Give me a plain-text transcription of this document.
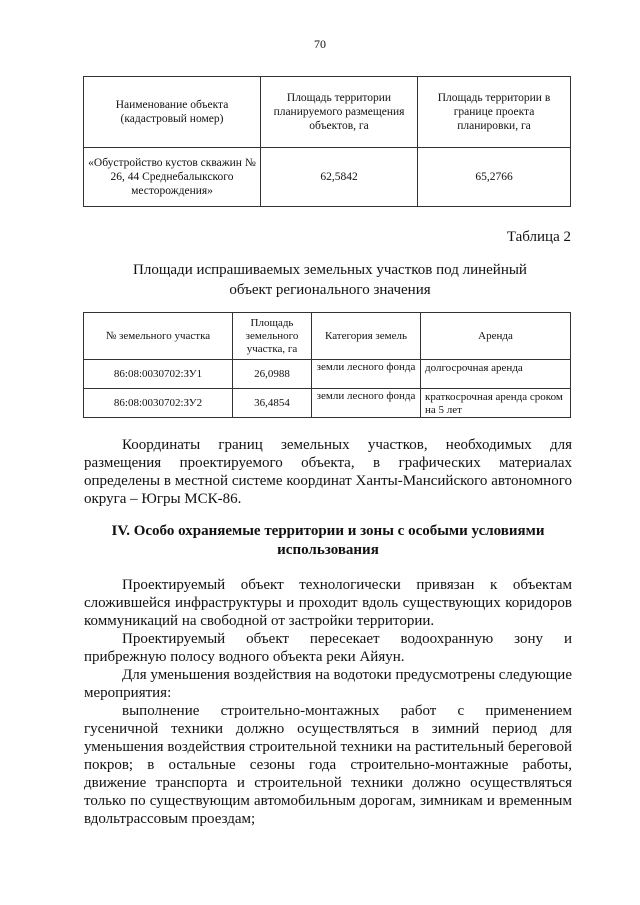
70
Наименование объекта (кадастровый номер)	Площадь территории планируемого размещения объектов, га	Площадь территории в границе проекта планировки, га
«Обустройство кустов скважин № 26, 44 Среднебалыкского месторождения»	62,5842	65,2766
Таблица 2
Площади испрашиваемых земельных участков под линейный объект регионального значения
№ земельного участка	Площадь земельного участка, га	Категория земель	Аренда
86:08:0030702:ЗУ1	26,0988	земли лесного фонда	долгосрочная аренда
86:08:0030702:ЗУ2	36,4854	земли лесного фонда	краткосрочная аренда сроком на 5 лет

Координаты границ земельных участков, необходимых для размещения проектируемого объекта, в графических материалах определены в местной системе координат Ханты-Мансийского автономного округа – Югры МСК-86.

IV. Особо охраняемые территории и зоны с особыми условиями использования

Проектируемый объект технологически привязан к объектам сложившейся инфраструктуры и проходит вдоль существующих коридоров коммуникаций на свободной от застройки территории.

Проектируемый объект пересекает водоохранную зону и прибрежную полосу водного объекта реки Айяун.

Для уменьшения воздействия на водотоки предусмотрены следующие мероприятия:

выполнение строительно-монтажных работ с применением гусеничной техники должно осуществляться в зимний период для уменьшения воздействия строительной техники на растительный береговой покров; в остальные сезоны года строительно-монтажные работы, движение транспорта и строительной техники должно осуществляться только по существующим автомобильным дорогам, зимникам и временным вдольтрассовым проездам;
